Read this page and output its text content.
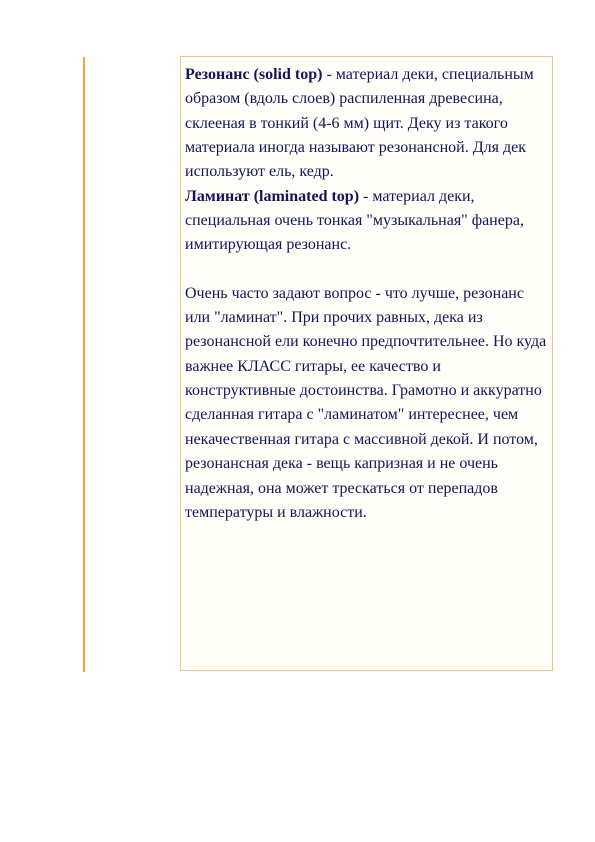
Резонанс (solid top) - материал деки, специальным образом (вдоль слоев) распиленная древесина, склееная в тонкий (4-6 мм) щит. Деку из такого материала иногда называют резонансной. Для дек используют ель, кедр.

Ламинат (laminated top) - материал деки, специальная очень тонкая "музыкальная" фанера, имитирующая резонанс.

Очень часто задают вопрос - что лучше, резонанс или "ламинат". При прочих равных, дека из резонансной ели конечно предпочтительнее. Но куда важнее КЛАСС гитары, ее качество и конструктивные достоинства. Грамотно и аккуратно сделанная гитара с "ламинатом" интереснее, чем некачественная гитара с массивной декой. И потом, резонансная дека - вещь капризная и не очень надежная, она может трескаться от перепадов температуры и влажности.
